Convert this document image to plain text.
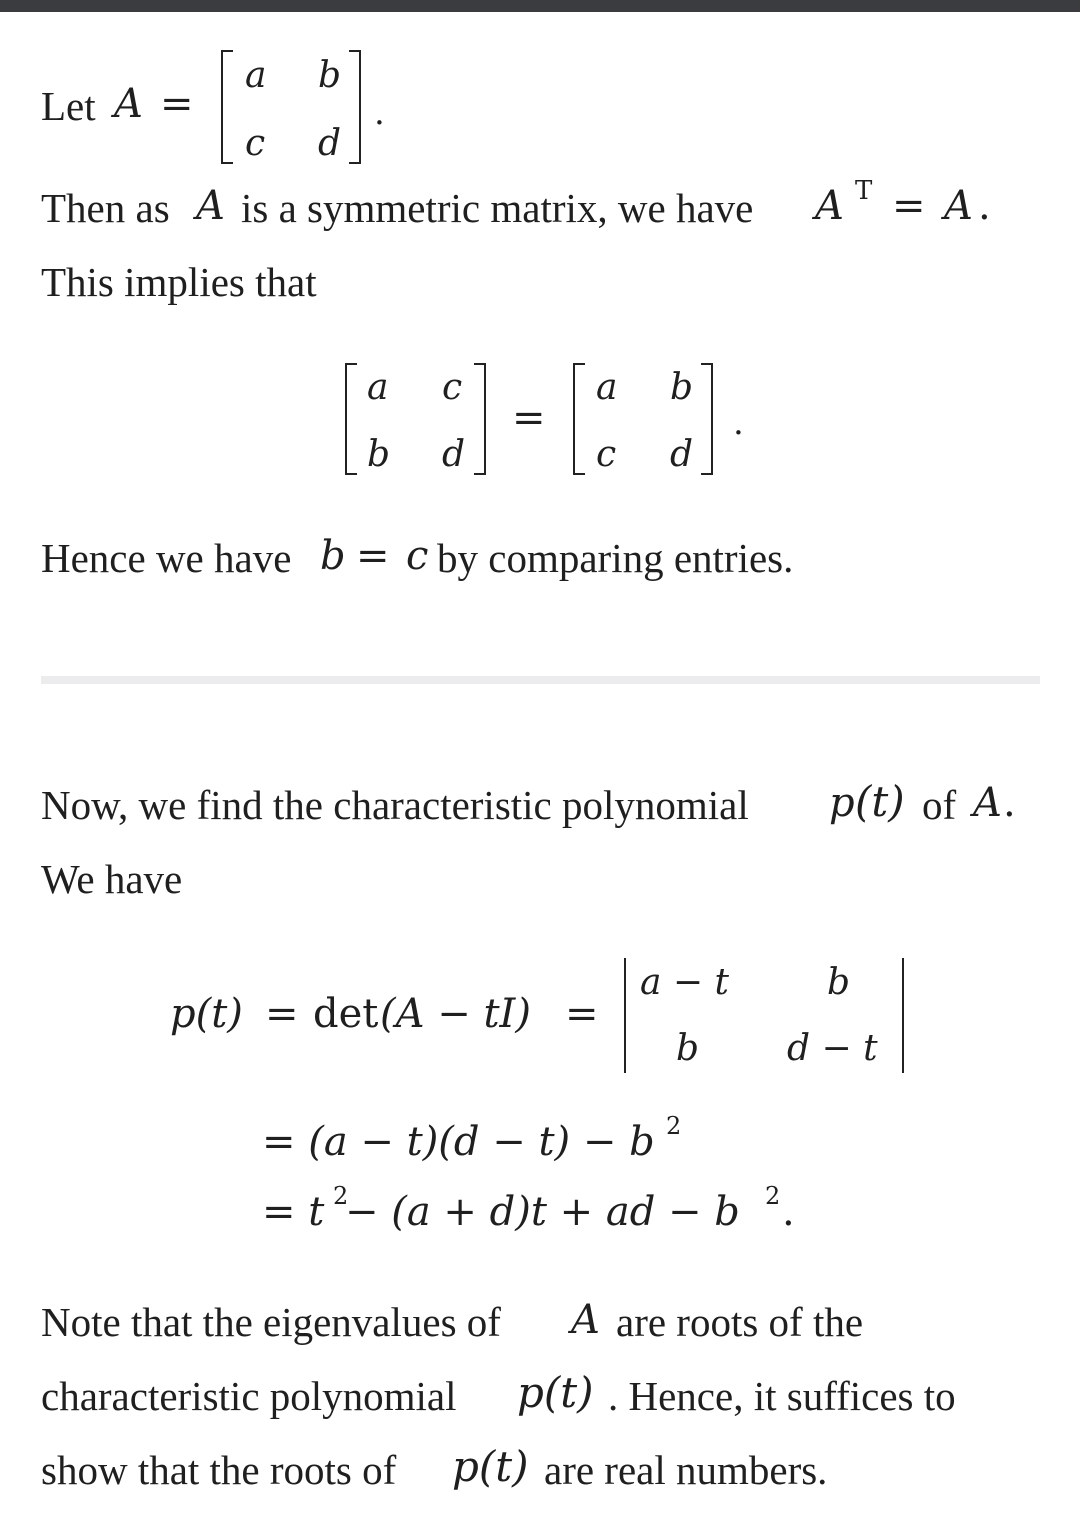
Let A =
a b
c d
.
Then as A is a symmetric matrix, we have A T = A .
This implies that
a c
b d
=
a b
c d
.
Hence we have b = c by comparing entries.
Now, we find the characteristic polynomial p (t) of A .
We have
p(t) = det (A − tI) =
a − t	b
b d − t
= (a − t)(d − t) − b 2
= t 2
− (a + d)t + ad − b 2 .
Note that the eigenvalues of A are roots of the
characteristic polynomial p(t) . Hence, it suffices to
show that the roots of p(t) are real numbers.
